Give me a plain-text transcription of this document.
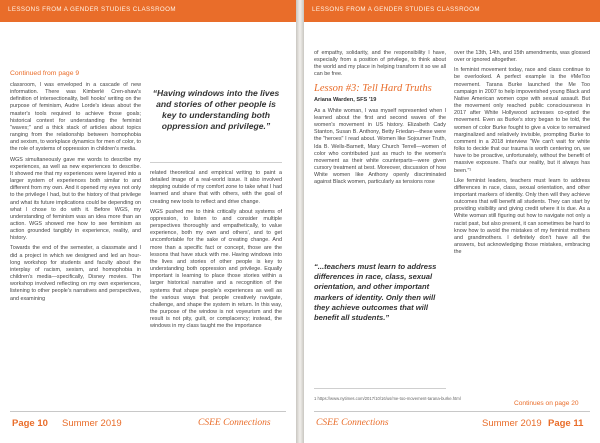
LESSONS FROM A GENDER STUDIES CLASSROOM
Continued from page 9

classroom, I was enveloped in a cascade of new information. There was Kimberlé Cren-shaw's definition of intersectionality, bell hooks' writing on the purpose of feminism, Audre Lorde's ideas about the master's tools required to achieve those goals; historical context for understanding the feminist "waves;" and a thick stack of articles about topics ranging from the relationship between homophobia and sexism, to workplace dynamics for men of color, to the role of systems of oppression in children's media.

WGS simultaneously gave me words to describe my experiences, as well as new experiences to describe. It showed me that my experiences were layered into a larger system of experiences both similar to and different from my own. And it opened my eyes not only to the privilege I had, but to the history of that privilege and what its future implications could be depending on what I chose to do with it. Before WGS, my understanding of feminism was an idea more than an action. WGS showed me how to see feminism as action grounded tangibly in experience, reality, and history.

Towards the end of the semester, a classmate and I did a project in which we designed and led an hour-long workshop for students and faculty about the interplay of racism, sexism, and homophobia in children's media—specifically, Disney movies. The workshop involved reflecting on my own experiences, listening to other people's narratives and perspectives, and examining

“Having windows into the lives and stories of other people is key to understanding both oppression and privilege.”

related theoretical and empirical writing to paint a detailed image of a real-world issue. It also involved stepping outside of my comfort zone to take what I had learned and share that with others, with the goal of creating new tools to reflect and drive change.

WGS pushed me to think critically about systems of oppression, to listen to and consider multiple perspectives thoroughly and empathetically, to value experience, both my own and others', and to get uncomfortable for the sake of creating change. And more than a specific fact or concept, those are the lessons that have stuck with me. Having windows into the lives and stories of other people is key to understanding both oppression and privilege. Equally important is learning to place those stories within a larger historical narrative and a recognition of the systems that shape people's experiences as well as the various ways that people creatively navigate, challenge, and shape the system in return. In this way, the purpose of the window is not voyeurism and the result is not pity, guilt, or complacency; instead, the windows in my class taught me the importance

Page 10 Summer 2019	CSEE Connections
LESSONS FROM A GENDER STUDIES CLASSROOM

of empathy, solidarity, and the responsibility I have, especially from a position of privilege, to think about the world and my place in helping transform it so we all can be free.

Lesson #3: Tell Hard Truths
Ariana Warden, SFS '19

As a White woman, I was myself represented when I learned about the first and second waves of the women's movement in US history. Elizabeth Cady Stanton, Susan B. Anthony, Betty Friedan—these were the "heroes" I read about. Women like Sojourner Truth, Ida B. Wells-Barnett, Mary Church Terrell—women of color who contributed just as much to the women's movement as their white counterparts—were given cursory treatment at best. Moreover, discussion of how White women like Anthony openly discriminated against Black women, particularly as tensions rose

“...teachers must learn to address differences in race, class, sexual orientation, and other important markers of identity. Only then will they achieve outcomes that will benefit all students.”
1 https://www.nytimes.com/2017/10/16/us/me-too-movement-tarana-burke.html

over the 13th, 14th, and 15th amendments, was glossed over or ignored altogether.

In feminist movement today, race and class continue to be overlooked. A perfect example is the #MeToo movement. Tarana Burke launched the Me Too campaign in 2007 to help impoverished young Black and Native American women cope with sexual assault. But the movement only reached public consciousness in 2017 after White Hollywood actresses co-opted the movement. Even as Burke's story began to be told, the women of color Burke fought to give a voice to remained marginalized and relatively invisible, prompting Burke to comment in a 2018 interview "We can't wait for white folks to decide that our trauma is worth centering on, we have to be proactive, unfortunately, without the benefit of massive exposure. That's our reality, but it always has been."¹

Like feminist leaders, teachers must learn to address differences in race, class, sexual orientation, and other important markers of identity. Only then will they achieve outcomes that will benefit all students. They can start by providing visibility and giving credit where it is due. As a White woman still figuring out how to navigate not only a racist past, but also present, it can sometimes be hard to know how to avoid the mistakes of my feminist mothers and grandmothers. I definitely don't have all the answers, but acknowledging those mistakes, embracing the

Continues on page 20
CSEE Connections	Summer 2019 Page 11
